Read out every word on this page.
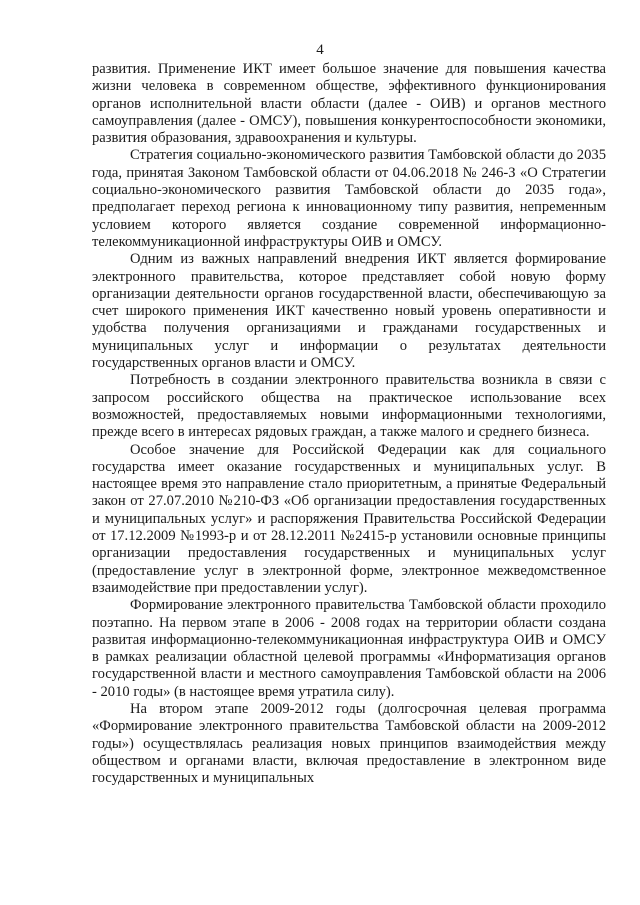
4

развития. Применение ИКТ имеет большое значение для повышения качества жизни человека в современном обществе, эффективного функционирования органов исполнительной власти области (далее - ОИВ) и органов местного самоуправления (далее - ОМСУ), повышения конкурентоспособности экономики, развития образования, здравоохранения и культуры.

Стратегия социально-экономического развития Тамбовской области до 2035 года, принятая Законом Тамбовской области от 04.06.2018 № 246-З «О Стратегии социально-экономического развития Тамбовской области до 2035 года», предполагает переход региона к инновационному типу развития, непременным условием которого является создание современной информационно-телекоммуникационной инфраструктуры ОИВ и ОМСУ.

Одним из важных направлений внедрения ИКТ является формирование электронного правительства, которое представляет собой новую форму организации деятельности органов государственной власти, обеспечивающую за счет широкого применения ИКТ качественно новый уровень оперативности и удобства получения организациями и гражданами государственных и муниципальных услуг и информации о результатах деятельности государственных органов власти и ОМСУ.

Потребность в создании электронного правительства возникла в связи с запросом российского общества на практическое использование всех возможностей, предоставляемых новыми информационными технологиями, прежде всего в интересах рядовых граждан, а также малого и среднего бизнеса.

Особое значение для Российской Федерации как для социального государства имеет оказание государственных и муниципальных услуг. В настоящее время это направление стало приоритетным, а принятые Федеральный закон от 27.07.2010 №210-ФЗ «Об организации предоставления государственных и муниципальных услуг» и распоряжения Правительства Российской Федерации от 17.12.2009 №1993-р и от 28.12.2011 №2415-р установили основные принципы организации предоставления государственных и муниципальных услуг (предоставление услуг в электронной форме, электронное межведомственное взаимодействие при предоставлении услуг).

Формирование электронного правительства Тамбовской области проходило поэтапно. На первом этапе в 2006 - 2008 годах на территории области создана развитая информационно-телекоммуникационная инфраструктура ОИВ и ОМСУ в рамках реализации областной целевой программы «Информатизация органов государственной власти и местного самоуправления Тамбовской области на 2006 - 2010 годы» (в настоящее время утратила силу).

На втором этапе 2009-2012 годы (долгосрочная целевая программа «Формирование электронного правительства Тамбовской области на 2009-2012 годы») осуществлялась реализация новых принципов взаимодействия между обществом и органами власти, включая предоставление в электронном виде государственных и муниципальных
